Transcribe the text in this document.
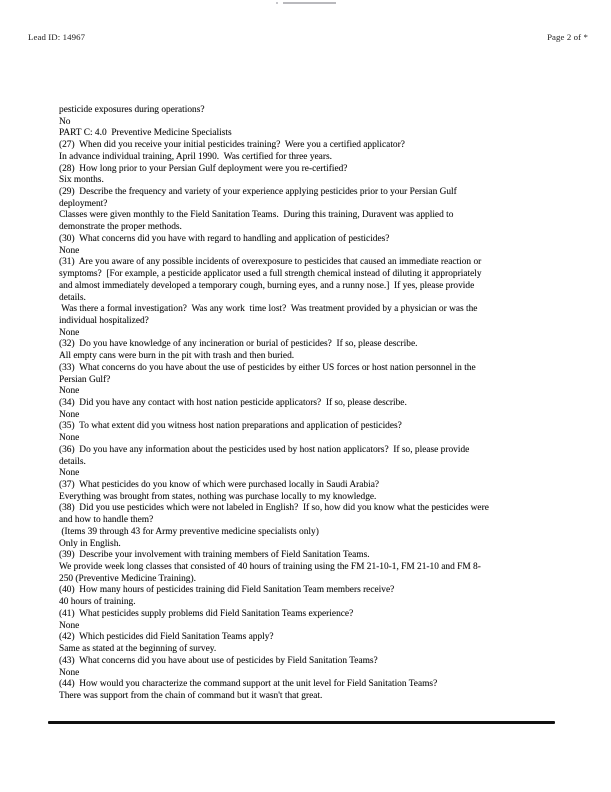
Lead ID: 14967	Page 2 of *
pesticide exposures during operations?
No
PART C: 4.0  Preventive Medicine Specialists
(27)  When did you receive your initial pesticides training?  Were you a certified applicator?
In advance individual training, April 1990.  Was certified for three years.
(28)  How long prior to your Persian Gulf deployment were you re-certified?
Six months.
(29)  Describe the frequency and variety of your experience applying pesticides prior to your Persian Gulf
deployment?
Classes were given monthly to the Field Sanitation Teams.  During this training, Duravent was applied to
demonstrate the proper methods.
(30)  What concerns did you have with regard to handling and application of pesticides?
None
(31)  Are you aware of any possible incidents of overexposure to pesticides that caused an immediate reaction or
symptoms?  [For example, a pesticide applicator used a full strength chemical instead of diluting it appropriately
and almost immediately developed a temporary cough, burning eyes, and a runny nose.]  If yes, please provide
details.
Was there a formal investigation?  Was any work  time lost?  Was treatment provided by a physician or was the
individual hospitalized?
None
(32)  Do you have knowledge of any incineration or burial of pesticides?  If so, please describe.
All empty cans were burn in the pit with trash and then buried.
(33)  What concerns do you have about the use of pesticides by either US forces or host nation personnel in the
Persian Gulf?
None
(34)  Did you have any contact with host nation pesticide applicators?  If so, please describe.
None
(35)  To what extent did you witness host nation preparations and application of pesticides?
None
(36)  Do you have any information about the pesticides used by host nation applicators?  If so, please provide
details.
None
(37)  What pesticides do you know of which were purchased locally in Saudi Arabia?
Everything was brought from states, nothing was purchase locally to my knowledge.
(38)  Did you use pesticides which were not labeled in English?  If so, how did you know what the pesticides were
and how to handle them?
(Items 39 through 43 for Army preventive medicine specialists only)
Only in English.
(39)  Describe your involvement with training members of Field Sanitation Teams.
We provide week long classes that consisted of 40 hours of training using the FM 21-10-1, FM 21-10 and FM 8-
250 (Preventive Medicine Training).
(40)  How many hours of pesticides training did Field Sanitation Team members receive?
40 hours of training.
(41)  What pesticides supply problems did Field Sanitation Teams experience?
None
(42)  Which pesticides did Field Sanitation Teams apply?
Same as stated at the beginning of survey.
(43)  What concerns did you have about use of pesticides by Field Sanitation Teams?
None
(44)  How would you characterize the command support at the unit level for Field Sanitation Teams?
There was support from the chain of command but it wasn't that great.
